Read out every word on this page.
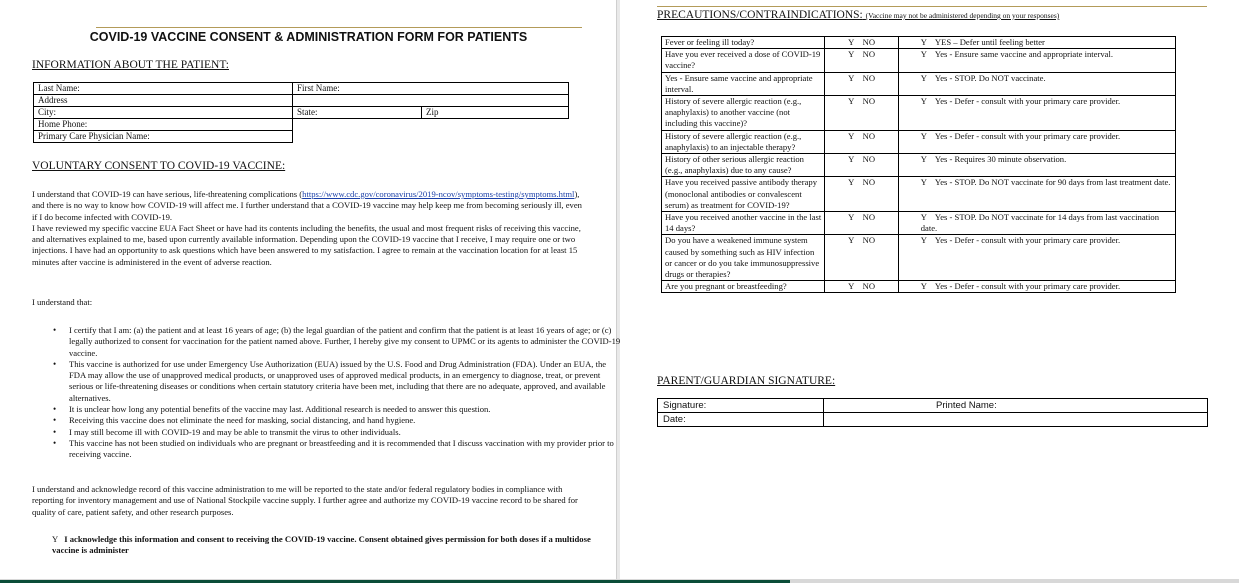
COVID-19 VACCINE CONSENT & ADMINISTRATION FORM FOR PATIENTS
INFORMATION ABOUT THE PATIENT:
Last Name:	First Name:	
Address		
City:	State:	Zip
Home Phone:		
Primary Care Physician Name:		
VOLUNTARY CONSENT TO COVID-19 VACCINE:
I understand that COVID-19 can have serious, life-threatening complications (https://www.cdc.gov/coronavirus/2019-ncov/symptoms-testing/symptoms.html), and there is no way to know how COVID-19 will affect me. I further understand that a COVID-19 vaccine may help keep me from becoming seriously ill, even if I do become infected with COVID-19.
I have reviewed my specific vaccine EUA Fact Sheet or have had its contents including the benefits, the usual and most frequent risks of receiving this vaccine, and alternatives explained to me, based upon currently available information. Depending upon the COVID-19 vaccine that I receive, I may require one or two injections. I have had an opportunity to ask questions which have been answered to my satisfaction. I agree to remain at the vaccination location for at least 15 minutes after vaccine is administered in the event of adverse reaction.
I understand that:
• I certify that I am: (a) the patient and at least 16 years of age; (b) the legal guardian of the patient and confirm that the patient is at least 16 years of age; or (c) legally authorized to consent for vaccination for the patient named above. Further, I hereby give my consent to UPMC or its agents to administer the COVID-19 vaccine.
• This vaccine is authorized for use under Emergency Use Authorization (EUA) issued by the U.S. Food and Drug Administration (FDA). Under an EUA, the FDA may allow the use of unapproved medical products, or unapproved uses of approved medical products, in an emergency to diagnose, treat, or prevent serious or life-threatening diseases or conditions when certain statutory criteria have been met, including that there are no adequate, approved, and available alternatives.
• It is unclear how long any potential benefits of the vaccine may last. Additional research is needed to answer this question.
• Receiving this vaccine does not eliminate the need for masking, social distancing, and hand hygiene.
• I may still become ill with COVID-19 and may be able to transmit the virus to other individuals.
• This vaccine has not been studied on individuals who are pregnant or breastfeeding and it is recommended that I discuss vaccination with my provider prior to receiving vaccine.
I understand and acknowledge record of this vaccine administration to me will be reported to the state and/or federal regulatory bodies in compliance with reporting for inventory management and use of National Stockpile vaccine supply. I further agree and authorize my COVID-19 vaccine record to be shared for quality of care, patient safety, and other research purposes.
Y I acknowledge this information and consent to receiving the COVID-19 vaccine. Consent obtained gives permission for both doses if a multidose vaccine is administer
PRECAUTIONS/CONTRAINDICATIONS: (Vaccine may not be administered depending on your responses)
Fever or feeling ill today?	Y    NO	Y    YES – Defer until feeling better
Have you ever received a dose of COVID-19 vaccine?	Y    NO	Y    Yes - Ensure same vaccine and appropriate interval.
Yes - Ensure same vaccine and appropriate interval.	Y    NO	Y    Yes - STOP. Do NOT vaccinate.
History of severe allergic reaction (e.g., anaphylaxis) to another vaccine (not including this vaccine)?	Y    NO	Y    Yes - Defer - consult with your primary care provider.
History of severe allergic reaction (e.g., anaphylaxis) to an injectable therapy?	Y    NO	Y    Yes - Defer - consult with your primary care provider.
History of other serious allergic reaction (e.g., anaphylaxis) due to any cause?	Y    NO	Y    Yes - Requires 30 minute observation.
Have you received passive antibody therapy (monoclonal antibodies or convalescent serum) as treatment for COVID-19?	Y    NO	Y    Yes - STOP. Do NOT vaccinate for 90 days from last treatment date.
Have you received another vaccine in the last 14 days?	Y    NO	Y    Yes - STOP. Do NOT vaccinate for 14 days from last vaccination date.
Do you have a weakened immune system caused by something such as HIV infection or cancer or do you take immunosuppressive drugs or therapies?	Y    NO	Y    Yes - Defer - consult with your primary care provider.
Are you pregnant or breastfeeding?	Y    NO	Y    Yes - Defer - consult with your primary care provider.
PARENT/GUARDIAN SIGNATURE:
Signature:	Printed Name:
Date:	
